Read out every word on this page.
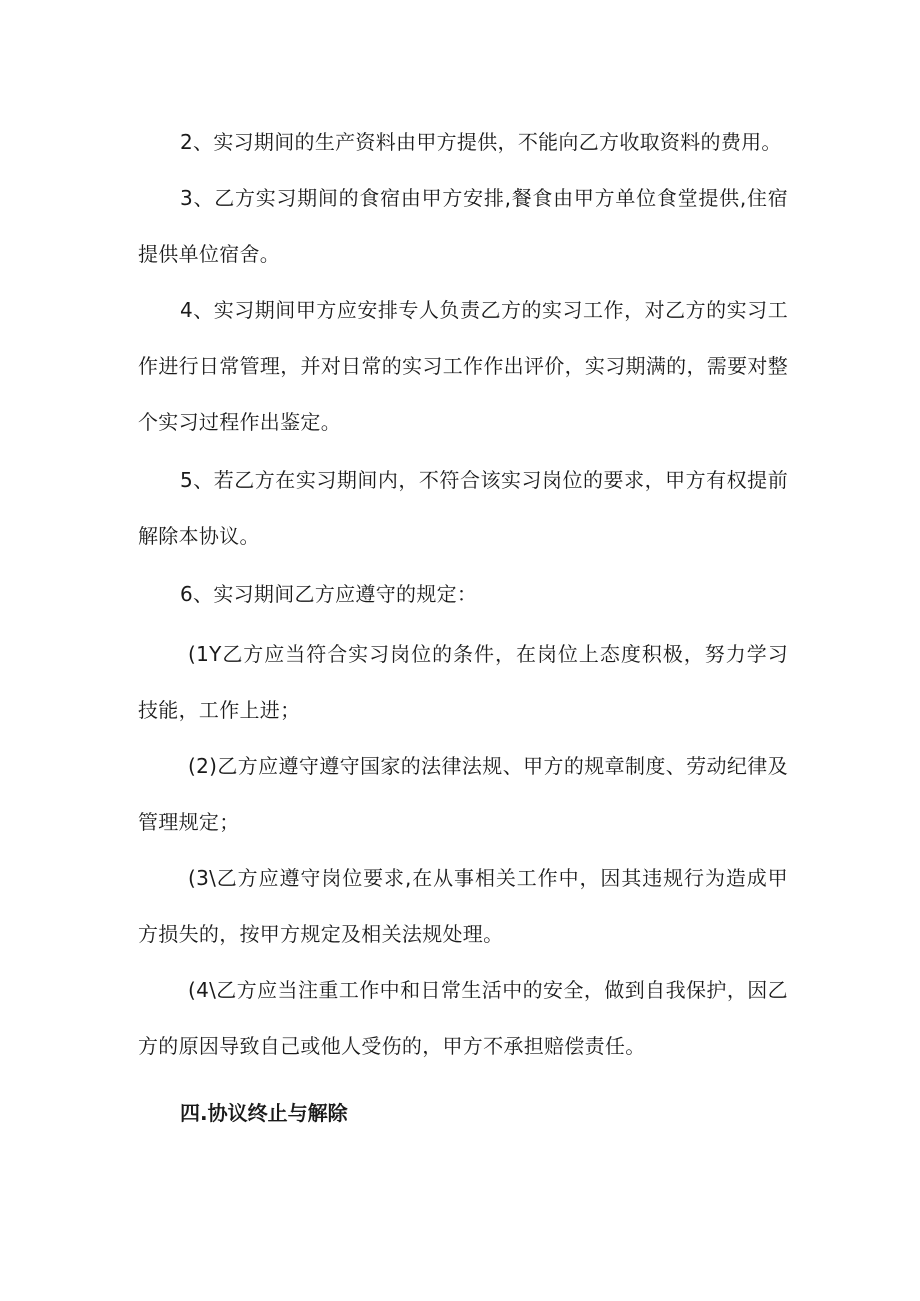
2、实习期间的生产资料由甲方提供，不能向乙方收取资料的费用。

3、乙方实习期间的食宿由甲方安排,餐食由甲方单位食堂提供,住宿提供单位宿舍。

4、实习期间甲方应安排专人负责乙方的实习工作，对乙方的实习工作进行日常管理，并对日常的实习工作作出评价，实习期满的，需要对整个实习过程作出鉴定。

5、若乙方在实习期间内，不符合该实习岗位的要求，甲方有权提前解除本协议。

6、实习期间乙方应遵守的规定：

(1Y乙方应当符合实习岗位的条件，在岗位上态度积极，努力学习技能，工作上进；

(2)乙方应遵守遵守国家的法律法规、甲方的规章制度、劳动纪律及管理规定；

(3\乙方应遵守岗位要求,在从事相关工作中，因其违规行为造成甲方损失的，按甲方规定及相关法规处理。

(4\乙方应当注重工作中和日常生活中的安全，做到自我保护，因乙方的原因导致自己或他人受伤的，甲方不承担赔偿责任。

四.协议终止与解除
